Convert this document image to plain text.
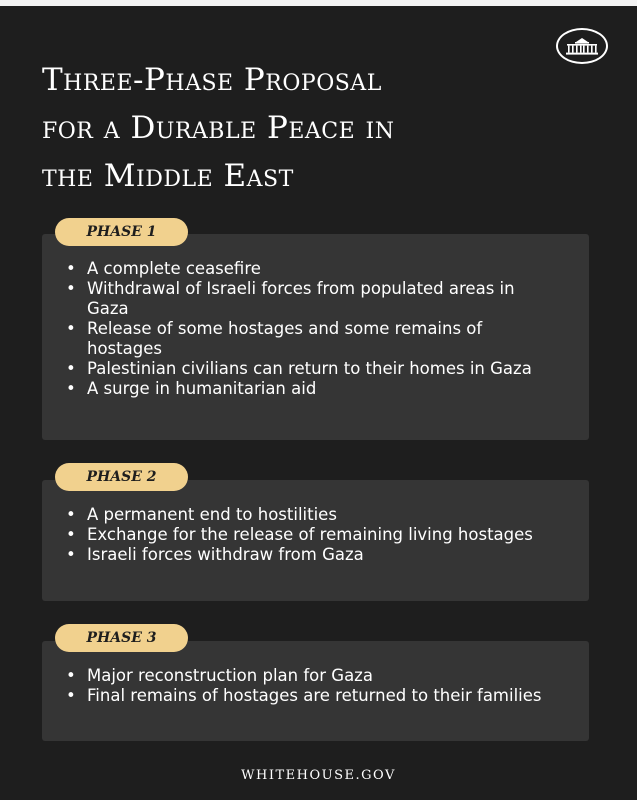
Three-Phase Proposal
for a Durable Peace in
the Middle East
PHASE 1
• A complete ceasefire
• Withdrawal of Israeli forces from populated areas in Gaza
• Release of some hostages and some remains of hostages
• Palestinian civilians can return to their homes in Gaza
• A surge in humanitarian aid
PHASE 2
• A permanent end to hostilities
• Exchange for the release of remaining living hostages
• Israeli forces withdraw from Gaza
PHASE 3
• Major reconstruction plan for Gaza
• Final remains of hostages are returned to their families
WHITEHOUSE.GOV
